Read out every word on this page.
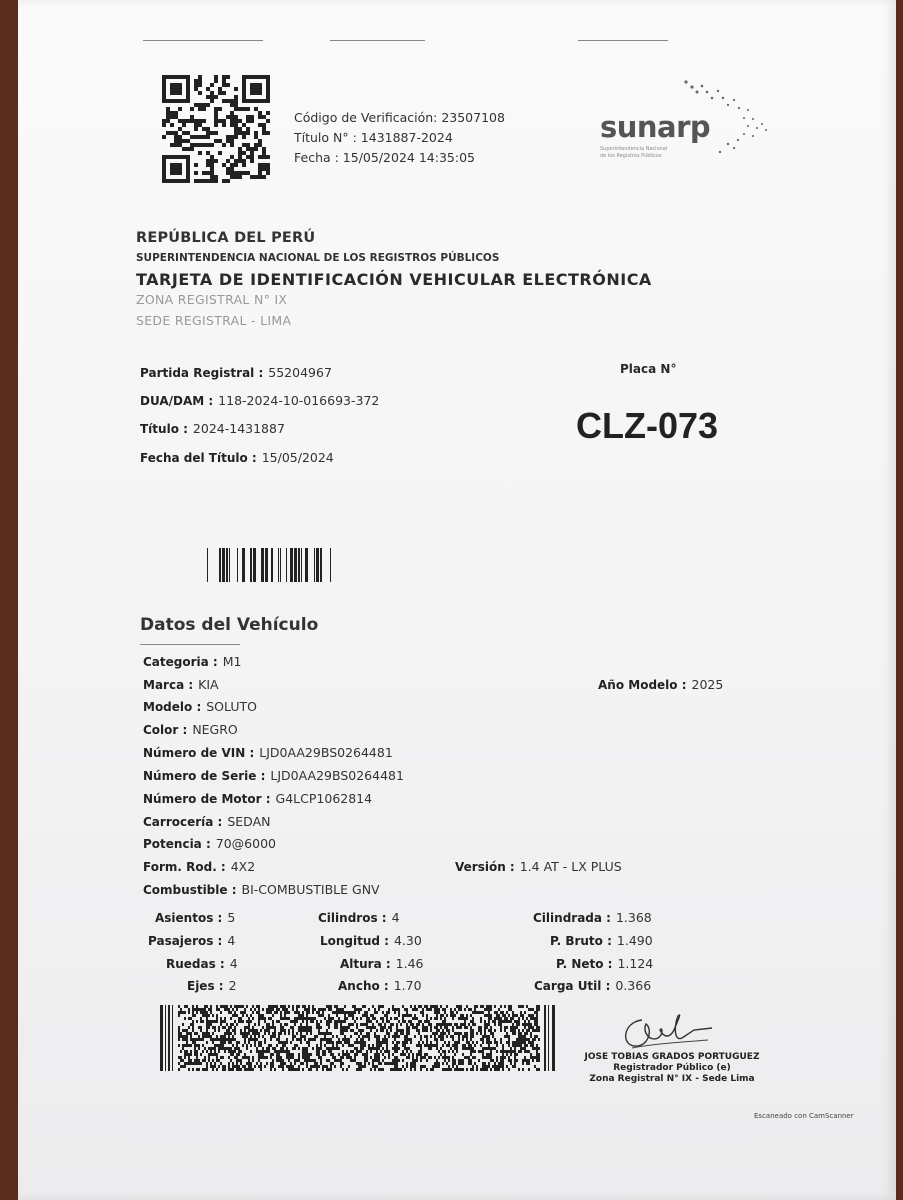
Código de Verificación: 23507108
Título N° : 1431887-2024
Fecha : 15/05/2024 14:35:05
sunarp
Superintendencia Nacional
de los Registros Públicos
REPÚBLICA DEL PERÚ
SUPERINTENDENCIA NACIONAL DE LOS REGISTROS PÚBLICOS
TARJETA DE IDENTIFICACIÓN VEHICULAR ELECTRÓNICA
ZONA REGISTRAL N° IX
SEDE REGISTRAL - LIMA
Partida Registral : 55204967
DUA/DAM : 118-2024-10-016693-372
Título : 2024-1431887
Fecha del Título : 15/05/2024
Placa N°
CLZ-073
Datos del Vehículo
Categoria : M1
Marca : KIA	Año Modelo : 2025
Modelo : SOLUTO
Color : NEGRO
Número de VIN : LJD0AA29BS0264481
Número de Serie : LJD0AA29BS0264481
Número de Motor : G4LCP1062814
Carrocería : SEDAN
Potencia : 70@6000
Form. Rod. : 4X2	Versión : 1.4 AT - LX PLUS
Combustible : BI-COMBUSTIBLE GNV
Asientos : 5
Pasajeros : 4
Ruedas : 4
Ejes : 2
Cilindros : 4
Longitud : 4.30
Altura : 1.46
Ancho : 1.70
Cilindrada : 1.368
P. Bruto : 1.490
P. Neto : 1.124
Carga Util : 0.366
JOSE TOBIAS GRADOS PORTUGUEZ
Registrador Público (e)
Zona Registral N° IX - Sede Lima
Escaneado con CamScanner
